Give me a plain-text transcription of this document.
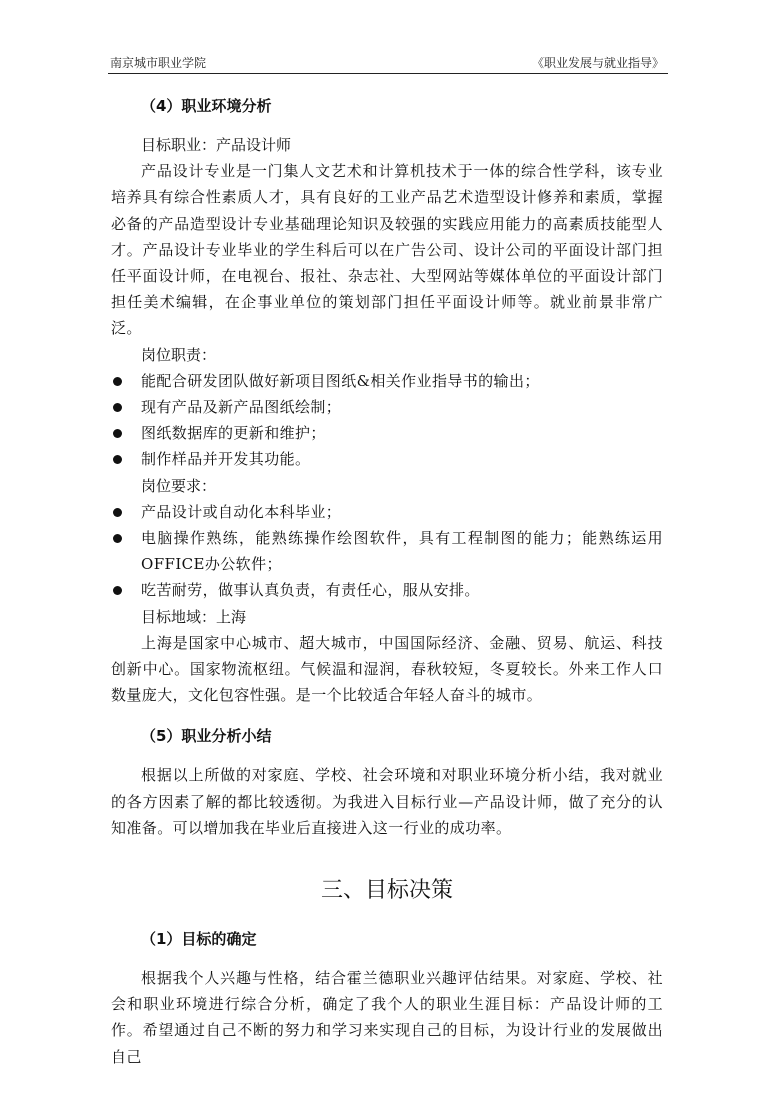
南京城市职业学院	《职业发展与就业指导》
（4）职业环境分析
目标职业：产品设计师

产品设计专业是一门集人文艺术和计算机技术于一体的综合性学科，该专业培养具有综合性素质人才，具有良好的工业产品艺术造型设计修养和素质，掌握必备的产品造型设计专业基础理论知识及较强的实践应用能力的高素质技能型人才。产品设计专业毕业的学生科后可以在广告公司、设计公司的平面设计部门担任平面设计师，在电视台、报社、杂志社、大型网站等媒体单位的平面设计部门担任美术编辑，在企事业单位的策划部门担任平面设计师等。就业前景非常广泛。

岗位职责：
能配合研发团队做好新项目图纸&相关作业指导书的输出；
现有产品及新产品图纸绘制；
图纸数据库的更新和维护；
制作样品并开发其功能。
岗位要求：
产品设计或自动化本科毕业；
电脑操作熟练，能熟练操作绘图软件，具有工程制图的能力；能熟练运用OFFICE办公软件；
吃苦耐劳，做事认真负责，有责任心，服从安排。
目标地域：上海

上海是国家中心城市、超大城市，中国国际经济、金融、贸易、航运、科技创新中心。国家物流枢纽。气候温和湿润，春秋较短，冬夏较长。外来工作人口数量庞大，文化包容性强。是一个比较适合年轻人奋斗的城市。

（5）职业分析小结

根据以上所做的对家庭、学校、社会环境和对职业环境分析小结，我对就业的各方因素了解的都比较透彻。为我进入目标行业—产品设计师，做了充分的认知准备。可以增加我在毕业后直接进入这一行业的成功率。

三、目标决策
（1）目标的确定

根据我个人兴趣与性格，结合霍兰德职业兴趣评估结果。对家庭、学校、社会和职业环境进行综合分析，确定了我个人的职业生涯目标：产品设计师的工作。希望通过自己不断的努力和学习来实现自己的目标，为设计行业的发展做出自己
